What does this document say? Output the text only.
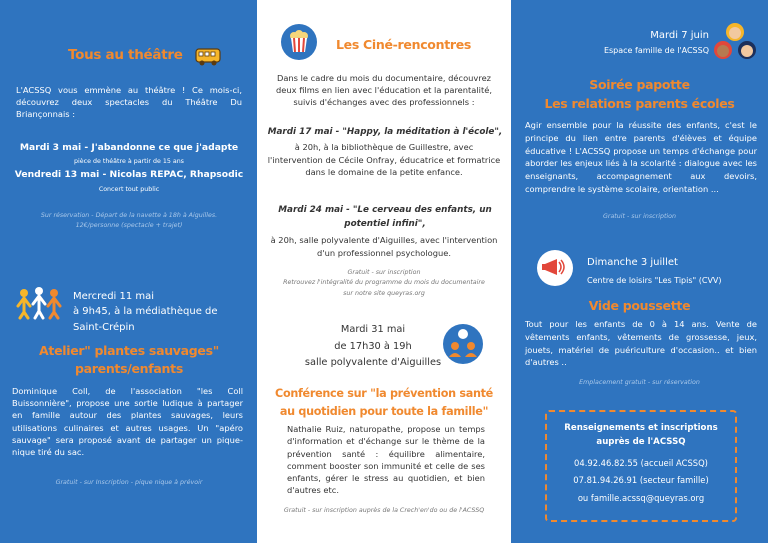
Tous au théâtre
L'ACSSQ vous emmène au théâtre ! Ce mois-ci, découvrez deux spectacles du Théâtre Du Briançonnais :
Mardi 3 mai - J'abandonne ce que j'adapte
pièce de théâtre à partir de 15 ans
Vendredi 13 mai - Nicolas REPAC, Rhapsodic
Concert tout public
Sur réservation - Départ de la navette à 18h à Aiguilles.
12€/personne (spectacle + trajet)
Mercredi 11 mai
à 9h45, à la médiathèque de
Saint-Crépin
Atelier" plantes sauvages"
parents/enfants
Dominique Coll, de l'association "les Coll Buissonnière", propose une sortie ludique à partager en famille autour des plantes sauvages, leurs utilisations culinaires et autres usages. Un "apéro sauvage" sera proposé avant de partager un pique-nique tiré du sac.
Gratuit - sur Inscription - pique nique à prévoir
Les Ciné-rencontres
Dans le cadre du mois du documentaire, découvrez deux films en lien avec l'éducation et la parentalité, suivis d'échanges avec des professionnels :
Mardi 17 mai - "Happy, la méditation à l'école",
à 20h, à la bibliothèque de Guillestre, avec l'intervention de Cécile Onfray, éducatrice et formatrice dans le domaine de la petite enfance.
Mardi 24 mai - "Le cerveau des enfants, un
potentiel infini",
à 20h, salle polyvalente d'Aiguilles, avec l'intervention d'un professionnel psychologue.
Gratuit - sur inscription
Retrouvez l'intégralité du programme du mois du documentaire
sur notre site queyras.org
Mardi 31 mai
de 17h30 à 19h
salle polyvalente d'Aiguilles
Conférence sur "la prévention santé
au quotidien pour toute la famille"
Nathalie Ruiz, naturopathe, propose un temps d'information et d'échange sur le thème de la prévention santé : équilibre alimentaire, comment booster son immunité et celle de ses enfants, gérer le stress au quotidien, et bien d'autres etc.
Gratuit - sur inscription auprès de la Crech'en'do ou de l'ACSSQ
Mardi 7 juin
Espace famille de l'ACSSQ
Soirée papotte
Les relations parents écoles
Agir ensemble pour la réussite des enfants, c'est le principe du lien entre parents d'élèves et équipe éducative ! L'ACSSQ propose un temps d'échange pour aborder les enjeux liés à la scolarité : dialogue avec les enseignants, accompagnement aux devoirs, comprendre le système scolaire, orientation ...
Gratuit - sur inscription
Dimanche 3 juillet
Centre de loisirs "Les Tipis" (CVV)
Vide poussette
Tout pour les enfants de 0 à 14 ans. Vente de vêtements enfants, vêtements de grossesse, jeux, jouets, matériel de puériculture d'occasion.. et bien d'autres ..
Emplacement gratuit - sur réservation
Renseignements et inscriptions
auprès de l'ACSSQ
04.92.46.82.55 (accueil ACSSQ)
07.81.94.26.91 (secteur famille)
ou famille.acssq@queyras.org
